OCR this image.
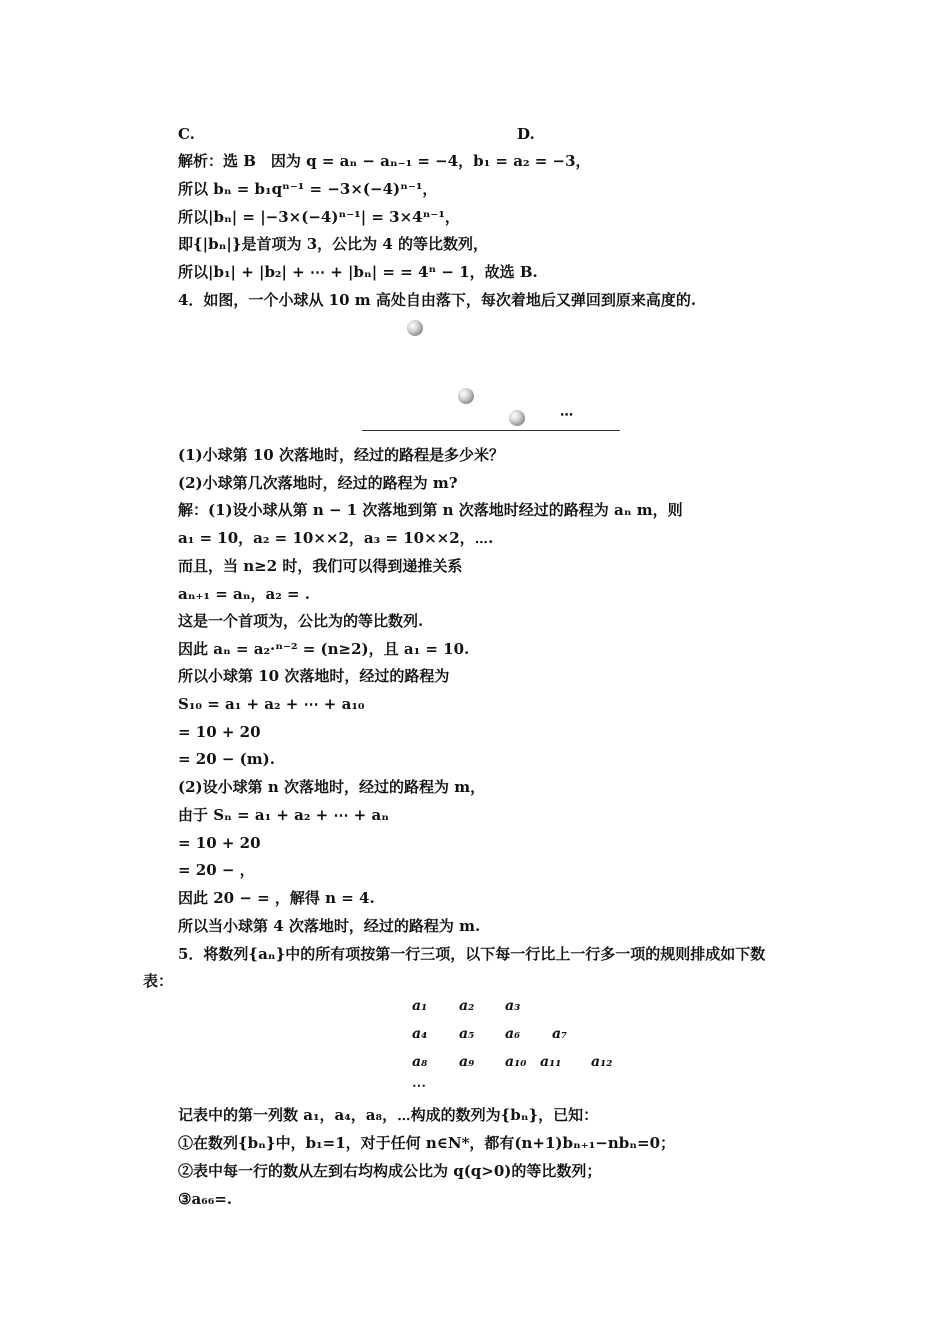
C.	D.
解析：选 B　因为 q = aₙ − aₙ₋₁ = −4，b₁ = a₂ = −3，
所以 bₙ = b₁qⁿ⁻¹ = −3×(−4)ⁿ⁻¹，
所以|bₙ| = |−3×(−4)ⁿ⁻¹| = 3×4ⁿ⁻¹，
即{|bₙ|}是首项为 3，公比为 4 的等比数列，
所以|b₁| + |b₂| + ⋯ + |bₙ| = = 4ⁿ − 1，故选 B.
4．如图，一个小球从 10 m 高处自由落下，每次着地后又弹回到原来高度的.
⋯
(1)小球第 10 次落地时，经过的路程是多少米？
(2)小球第几次落地时，经过的路程为 m?
解：(1)设小球从第 n − 1 次落地到第 n 次落地时经过的路程为 aₙ m，则
a₁ = 10，a₂ = 10××2，a₃ = 10××2，⋯.
而且，当 n≥2 时，我们可以得到递推关系
aₙ₊₁ = aₙ，a₂ = .
这是一个首项为，公比为的等比数列.
因此 aₙ = a₂·ⁿ⁻² = (n≥2)，且 a₁ = 10.
所以小球第 10 次落地时，经过的路程为
S₁₀ = a₁ + a₂ + ⋯ + a₁₀
= 10 + 20
= 20 − (m).
(2)设小球第 n 次落地时，经过的路程为 m，
由于 Sₙ = a₁ + a₂ + ⋯ + aₙ
= 10 + 20
= 20 − ，
因此 20 − = ，解得 n = 4.
所以当小球第 4 次落地时，经过的路程为 m.
5．将数列{aₙ}中的所有项按第一行三项，以下每一行比上一行多一项的规则排成如下数
表：
a₁ a₂ a₃
a₄ a₅ a₆ a₇
a₈ a₉ a₁₀ a₁₁ a₁₂
⋯
记表中的第一列数 a₁，a₄，a₈，⋯构成的数列为{bₙ}，已知：
①在数列{bₙ}中，b₁=1，对于任何 n∈N*，都有(n+1)bₙ₊₁−nbₙ=0；
②表中每一行的数从左到右均构成公比为 q(q>0)的等比数列；
③a₆₆=.
